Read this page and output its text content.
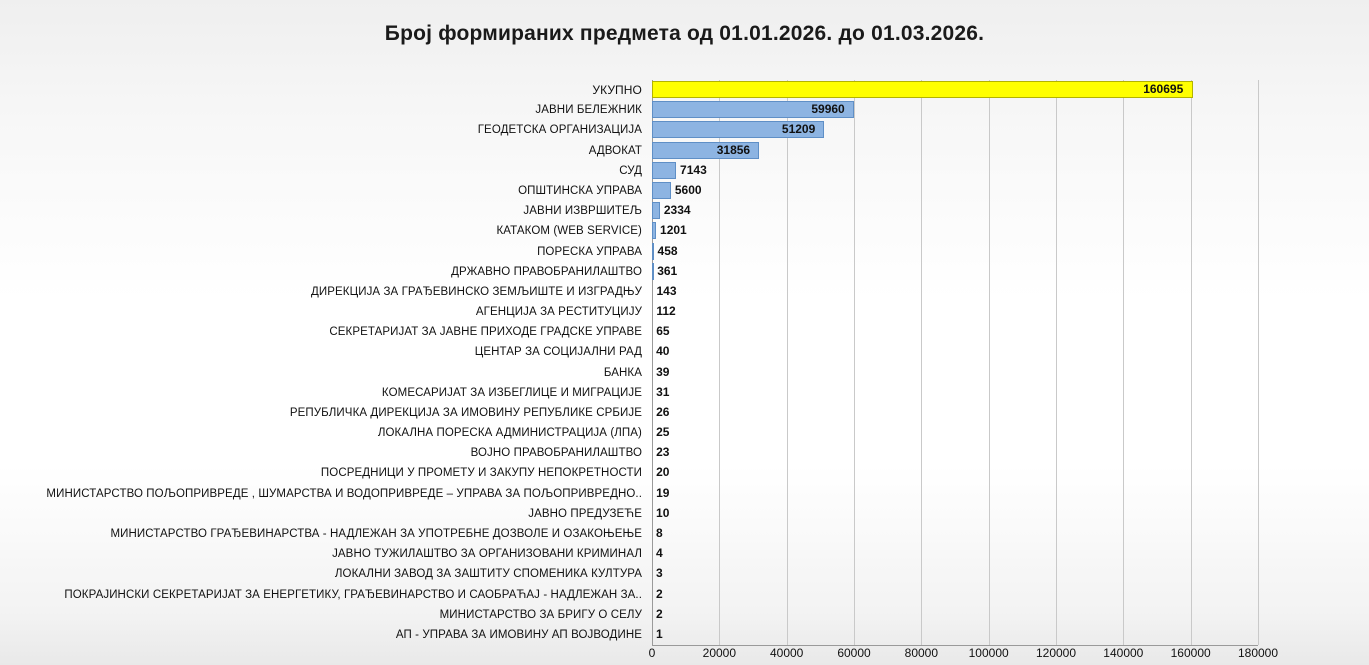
Број формираних предмета од 01.01.2026. до 01.03.2026.
УКУПНО
ЈАВНИ БЕЛЕЖНИК
ГЕОДЕТСКА ОРГАНИЗАЦИЈА
АДВОКАТ
СУД
ОПШТИНСКА УПРАВА
ЈАВНИ ИЗВРШИТЕЉ
КАТАКОМ (WEB SERVICE)
ПОРЕСКА УПРАВА
ДРЖАВНО ПРАВОБРАНИЛАШТВО
ДИРЕКЦИЈА ЗА ГРАЂЕВИНСКО ЗЕМЉИШТЕ И ИЗГРАДЊУ
АГЕНЦИЈА ЗА РЕСТИТУЦИЈУ
СЕКРЕТАРИЈАТ ЗА ЈАВНЕ ПРИХОДЕ ГРАДСКЕ УПРАВЕ
ЦЕНТАР ЗА СОЦИЈАЛНИ РАД
БАНКА
КОМЕСАРИЈАТ ЗА ИЗБЕГЛИЦЕ И МИГРАЦИЈЕ
РЕПУБЛИЧКА ДИРЕКЦИЈА ЗА ИМОВИНУ РЕПУБЛИКЕ СРБИЈЕ
ЛОКАЛНА ПОРЕСКА АДМИНИСТРАЦИЈА (ЛПА)
ВОЈНО ПРАВОБРАНИЛАШТВО
ПОСРЕДНИЦИ У ПРОМЕТУ И ЗАКУПУ НЕПОКРЕТНОСТИ
МИНИСТАРСТВО ПОЉОПРИВРЕДЕ , ШУМАРСТВА И ВОДОПРИВРЕДЕ – УПРАВА ЗА ПОЉОПРИВРЕДНО..
ЈАВНО ПРЕДУЗЕЋЕ
МИНИСТАРСТВО ГРАЂЕВИНАРСТВА - НАДЛЕЖАН ЗА УПОТРЕБНЕ ДОЗВОЛЕ И ОЗАКОЊЕЊЕ
ЈАВНО ТУЖИЛАШТВО ЗА ОРГАНИЗОВАНИ КРИМИНАЛ
ЛОКАЛНИ ЗАВОД ЗА ЗАШТИТУ СПОМЕНИКА КУЛТУРА
ПОКРАЈИНСКИ СЕКРЕТАРИЈАТ ЗА ЕНЕРГЕТИКУ, ГРАЂЕВИНАРСТВО И САОБРАЋАЈ - НАДЛЕЖАН ЗА..
МИНИСТАРСТВО ЗА БРИГУ О СЕЛУ
АП - УПРАВА ЗА ИМОВИНУ АП ВОЈВОДИНЕ
160695
59960
51209
31856
7143
5600
2334
1201
458
361
143
112
65
40
39
31
26
25
23
20
19
10
8
4
3
2
2
1
0	20000	40000	60000	80000	100000 120000 140000 160000 180000
